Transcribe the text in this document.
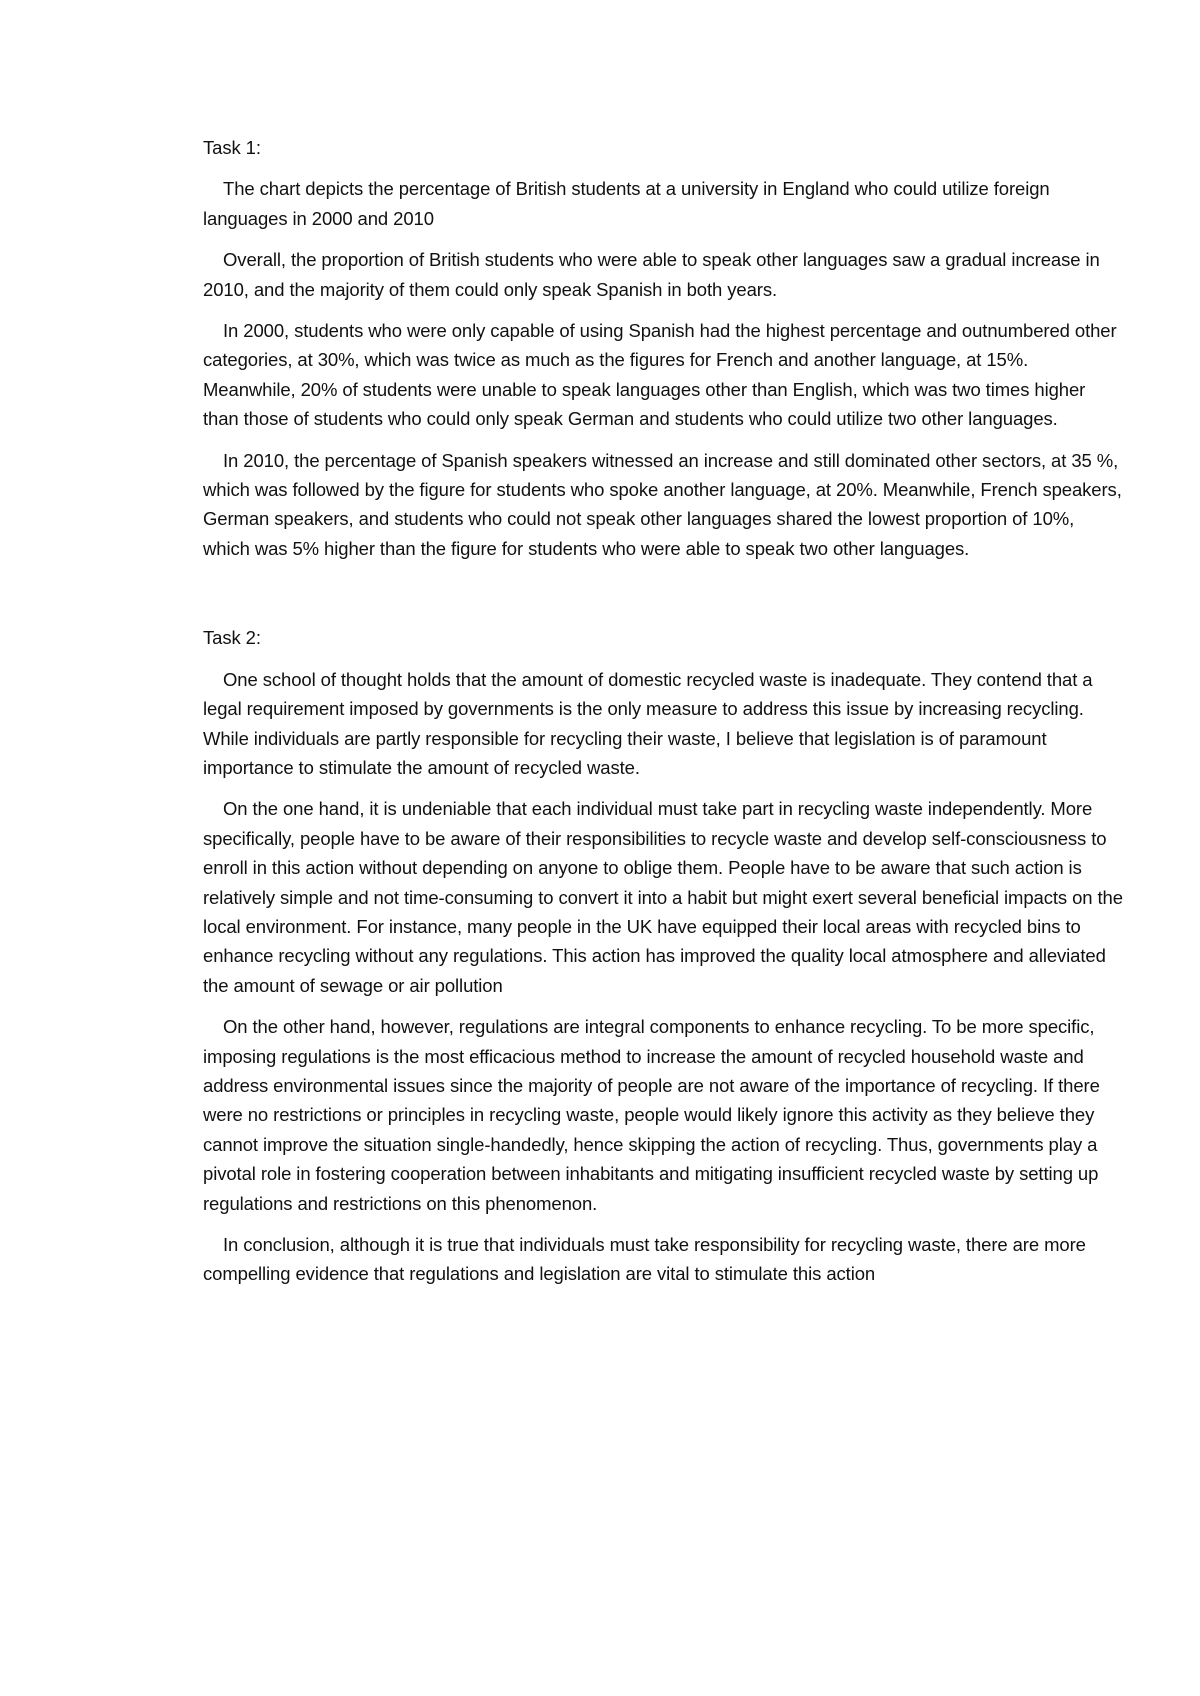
Task 1:

The chart depicts the percentage of British students at a university in England who could utilize foreign languages in 2000 and 2010

Overall, the proportion of British students who were able to speak other languages saw a gradual increase in 2010, and the majority of them could only speak Spanish in both years.

In 2000, students who were only capable of using Spanish had the highest percentage and outnumbered other categories, at 30%, which was twice as much as the figures for French and another language, at 15%. Meanwhile, 20% of students were unable to speak languages other than English, which was two times higher than those of students who could only speak German and students who could utilize two other languages.

In 2010, the percentage of Spanish speakers witnessed an increase and still dominated other sectors, at 35 %, which was followed by the figure for students who spoke another language, at 20%. Meanwhile, French speakers, German speakers, and students who could not speak other languages shared the lowest proportion of 10%, which was 5% higher than the figure for students who were able to speak two other languages.

Task 2:

One school of thought holds that the amount of domestic recycled waste is inadequate. They contend that a legal requirement imposed by governments is the only measure to address this issue by increasing recycling. While individuals are partly responsible for recycling their waste, I believe that legislation is of paramount importance to stimulate the amount of recycled waste.

On the one hand, it is undeniable that each individual must take part in recycling waste independently. More specifically, people have to be aware of their responsibilities to recycle waste and develop self-consciousness to enroll in this action without depending on anyone to oblige them. People have to be aware that such action is relatively simple and not time-consuming to convert it into a habit but might exert several beneficial impacts on the local environment. For instance, many people in the UK have equipped their local areas with recycled bins to enhance recycling without any regulations. This action has improved the quality local atmosphere and alleviated the amount of sewage or air pollution

On the other hand, however, regulations are integral components to enhance recycling. To be more specific, imposing regulations is the most efficacious method to increase the amount of recycled household waste and address environmental issues since the majority of people are not aware of the importance of recycling. If there were no restrictions or principles in recycling waste, people would likely ignore this activity as they believe they cannot improve the situation single-handedly, hence skipping the action of recycling. Thus, governments play a pivotal role in fostering cooperation between inhabitants and mitigating insufficient recycled waste by setting up regulations and restrictions on this phenomenon.

In conclusion, although it is true that individuals must take responsibility for recycling waste, there are more compelling evidence that regulations and legislation are vital to stimulate this action
